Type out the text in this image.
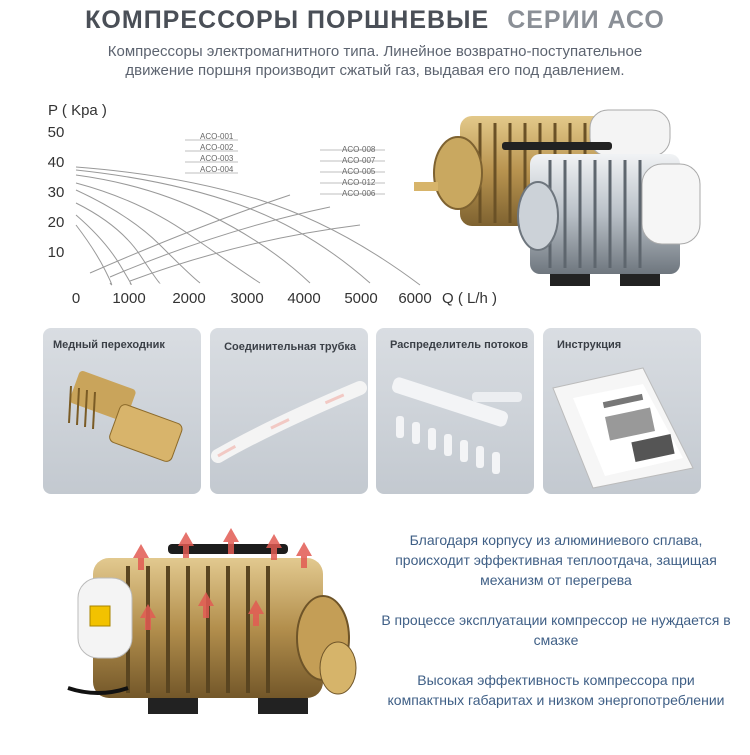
КОМПРЕССОРЫ ПОРШНЕВЫЕ СЕРИИ АСО
Компрессоры электромагнитного типа. Линейное возвратно-поступательное
движение поршня производит сжатый газ, выдавая его под давлением.
P ( Kpa )
50
40
30
20
10
0 1000 2000 3000 4000 5000 6000 Q ( L/h )
ACO-001
ACO-002
ACO-003
ACO-004
ACO-008
ACO-007
ACO-005
ACO-012
ACO-006
Медный переходник	Соединительная трубка	Распределитель потоков	Инструкция

Благодаря корпусу из алюминиевого сплава, происходит эффективная теплоотдача, защищая механизм от перегрева

В процессе эксплуатации компрессор не нуждается в смазке

Высокая эффективность компрессора при компактных габаритах и низком энергопотреблении
